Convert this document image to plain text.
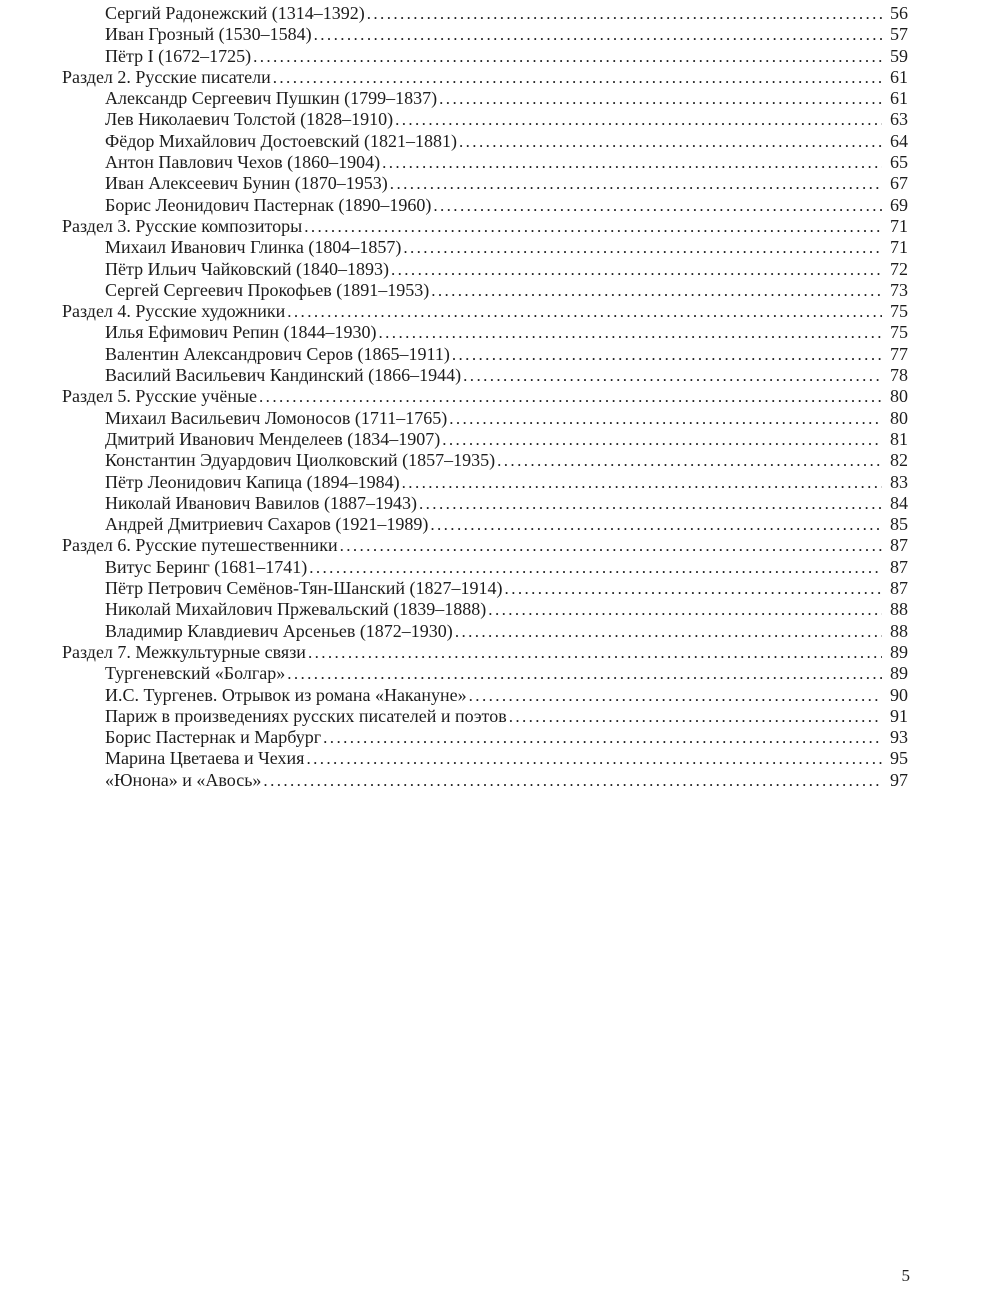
Сергий Радонежский (1314–1392) .....	56
Иван Грозный (1530–1584) .....	57
Пётр I (1672–1725) .....	59
Раздел 2. Русские писатели .....	61
Александр Сергеевич Пушкин (1799–1837) .....	61
Лев Николаевич Толстой (1828–1910) .....	63
Фёдор Михайлович Достоевский (1821–1881) .....	64
Антон Павлович Чехов (1860–1904) .....	65
Иван Алексеевич Бунин (1870–1953) .....	67
Борис Леонидович Пастернак (1890–1960) .....	69
Раздел 3. Русские композиторы .....	71
Михаил Иванович Глинка (1804–1857) .....	71
Пётр Ильич Чайковский (1840–1893) .....	72
Сергей Сергеевич Прокофьев (1891–1953) .....	73
Раздел 4. Русские художники .....	75
Илья Ефимович Репин (1844–1930) .....	75
Валентин Александрович Серов (1865–1911) .....	77
Василий Васильевич Кандинский (1866–1944) .....	78
Раздел 5. Русские учёные .....	80
Михаил Васильевич Ломоносов (1711–1765) .....	80
Дмитрий Иванович Менделеев (1834–1907) .....	81
Константин Эдуардович Циолковский (1857–1935) .....	82
Пётр Леонидович Капица (1894–1984) .....	83
Николай Иванович Вавилов (1887–1943) .....	84
Андрей Дмитриевич Сахаров (1921–1989) .....	85
Раздел 6. Русские путешественники .....	87
Витус Беринг (1681–1741) .....	87
Пётр Петрович Семёнов-Тян-Шанский (1827–1914) .....	87
Николай Михайлович Пржевальский (1839–1888) .....	88
Владимир Клавдиевич Арсеньев (1872–1930) .....	88
Раздел 7. Межкультурные связи .....	89
Тургеневский «Болгар» .....	89
И.С. Тургенев. Отрывок из романа «Накануне» .....	90
Париж в произведениях русских писателей и поэтов .....	91
Борис Пастернак и Марбург .....	93
Марина Цветаева и Чехия .....	95
«Юнона» и «Авось» .....	97
5
